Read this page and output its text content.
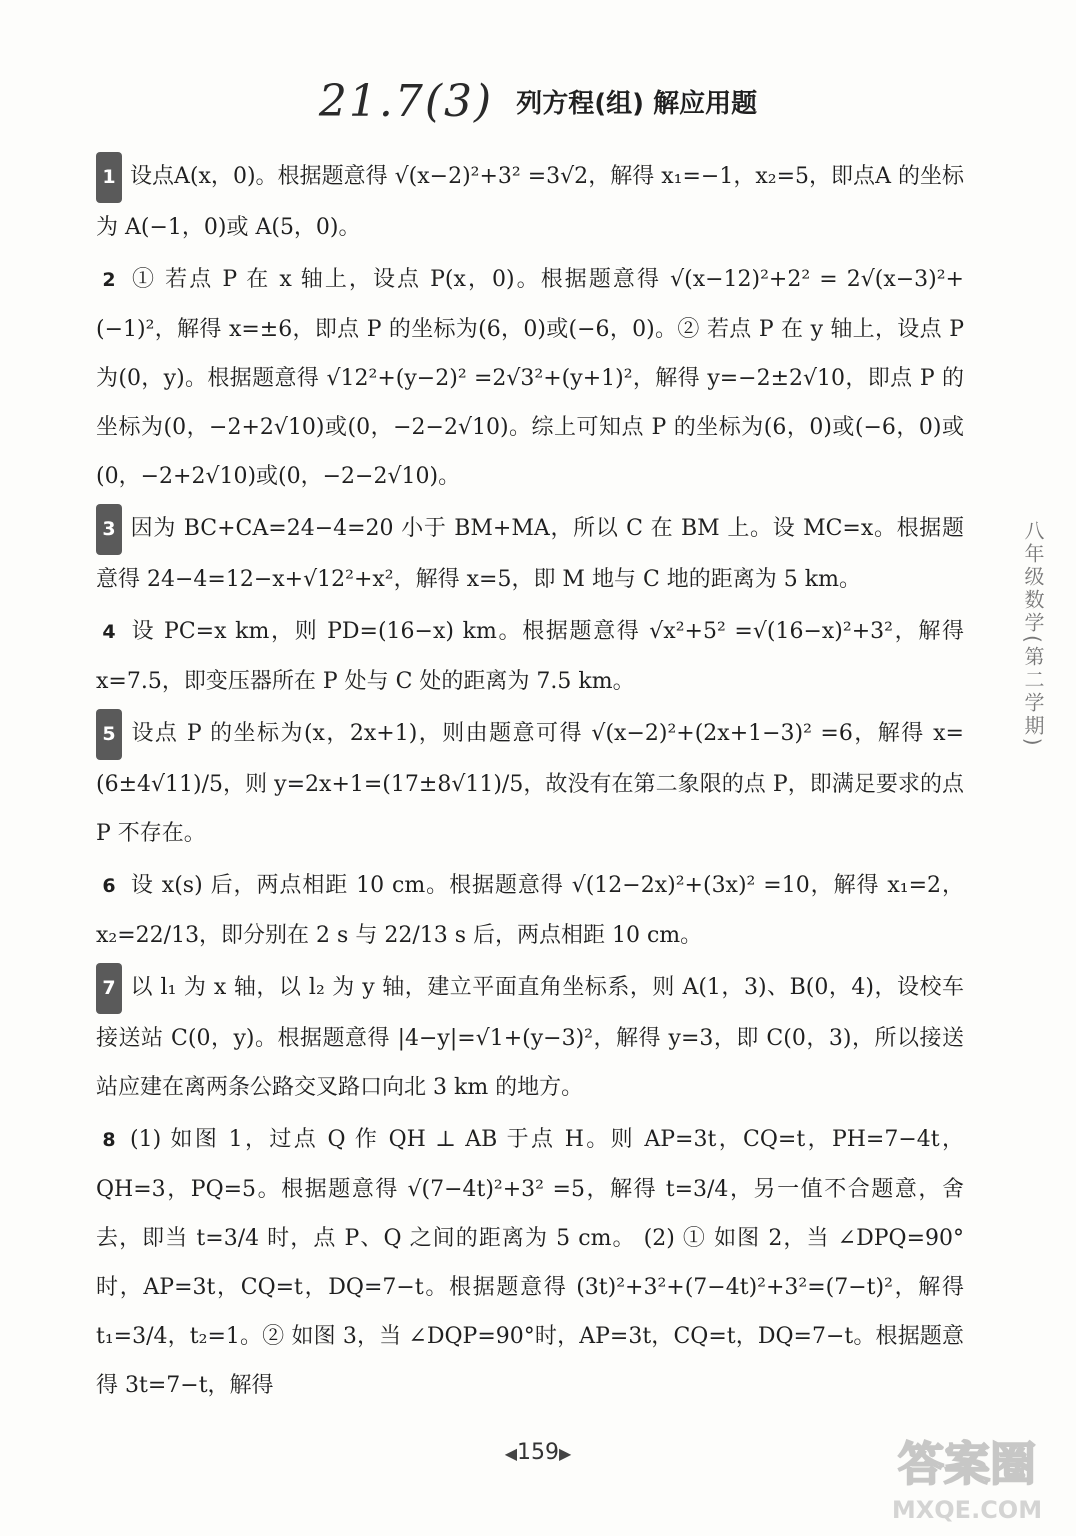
21.7(3) 列方程(组) 解应用题

1 设点A(x，0)。根据题意得 √(x−2)²+3² =3√2，解得 x₁=−1，x₂=5，即点A 的坐标为 A(−1，0)或 A(5，0)。

2 ① 若点 P 在 x 轴上，设点 P(x，0)。根据题意得 √(x−12)²+2² = 2√(x−3)²+(−1)²，解得 x=±6，即点 P 的坐标为(6，0)或(−6，0)。② 若点 P 在 y 轴上，设点 P 为(0，y)。根据题意得 √12²+(y−2)² =2√3²+(y+1)²，解得 y=−2±2√10，即点 P 的坐标为(0，−2+2√10)或(0，−2−2√10)。综上可知点 P 的坐标为(6，0)或(−6，0)或(0，−2+2√10)或(0，−2−2√10)。

3 因为 BC+CA=24−4=20 小于 BM+MA，所以 C 在 BM 上。设 MC=x。根据题意得 24−4=12−x+√12²+x²，解得 x=5，即 M 地与 C 地的距离为 5 km。

4 设 PC=x km，则 PD=(16−x) km。根据题意得 √x²+5² =√(16−x)²+3²，解得 x=7.5，即变压器所在 P 处与 C 处的距离为 7.5 km。

5 设点 P 的坐标为(x，2x+1)，则由题意可得 √(x−2)²+(2x+1−3)² =6，解得 x=(6±4√11)/5，则 y=2x+1=(17±8√11)/5，故没有在第二象限的点 P，即满足要求的点 P 不存在。

6 设 x(s) 后，两点相距 10 cm。根据题意得 √(12−2x)²+(3x)² =10，解得 x₁=2，x₂=22/13，即分别在 2 s 与 22/13 s 后，两点相距 10 cm。

7 以 l₁ 为 x 轴，以 l₂ 为 y 轴，建立平面直角坐标系，则 A(1，3)、B(0，4)，设校车接送站 C(0，y)。根据题意得 |4−y|=√1+(y−3)²，解得 y=3，即 C(0，3)，所以接送站应建在离两条公路交叉路口向北 3 km 的地方。

8 (1) 如图 1，过点 Q 作 QH ⊥ AB 于点 H。则 AP=3t，CQ=t，PH=7−4t，QH=3，PQ=5。根据题意得 √(7−4t)²+3² =5，解得 t=3/4，另一值不合题意，舍去，即当 t=3/4 时，点 P、Q 之间的距离为 5 cm。 (2) ① 如图 2，当 ∠DPQ=90°时，AP=3t，CQ=t，DQ=7−t。根据题意得 (3t)²+3²+(7−4t)²+3²=(7−t)²，解得 t₁=3/4，t₂=1。② 如图 3，当 ∠DQP=90°时，AP=3t，CQ=t，DQ=7−t。根据题意得 3t=7−t，解得

八年级数学(第二学期)
◀159▶	答案圈
MXQE.COM
